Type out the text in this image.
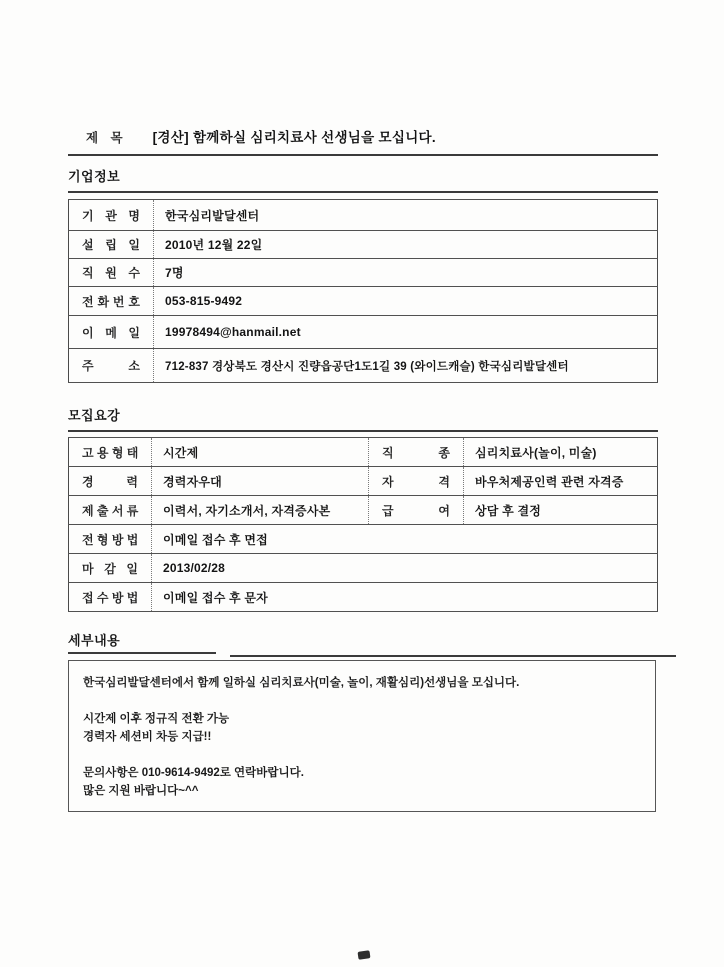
제 목 [경산] 함께하실 심리치료사 선생님을 모십니다.
기업정보
기 관 명	한국심리발달센터
설 립 일	2010년 12월 22일
직 원 수	7명
전 화 번 호	053-815-9492
이 메 일	19978494@hanmail.net
주 소	712-837 경상북도 경산시 진량읍공단1도1길 39 (와이드캐슬) 한국심리발달센터
모집요강
고 용 형 태	시간제	직 종	심리치료사(놀이, 미술)
경 력	경력자우대	자 격	바우처제공인력 관련 자격증
제 출 서 류	이력서, 자기소개서, 자격증사본	급 여	상담 후 결정
전 형 방 법	이메일 접수 후 면접		
마 감 일	2013/02/28		
접 수 방 법	이메일 접수 후 문자		
세부내용
한국심리발달센터에서 함께 일하실 심리치료사(미술, 놀이, 재활심리)선생님을 모십니다.
시간제 이후 정규직 전환 가능
경력자 세션비 차등 지급!!
문의사항은 010-9614-9492로 연락바랍니다.
많은 지원 바랍니다~^^
